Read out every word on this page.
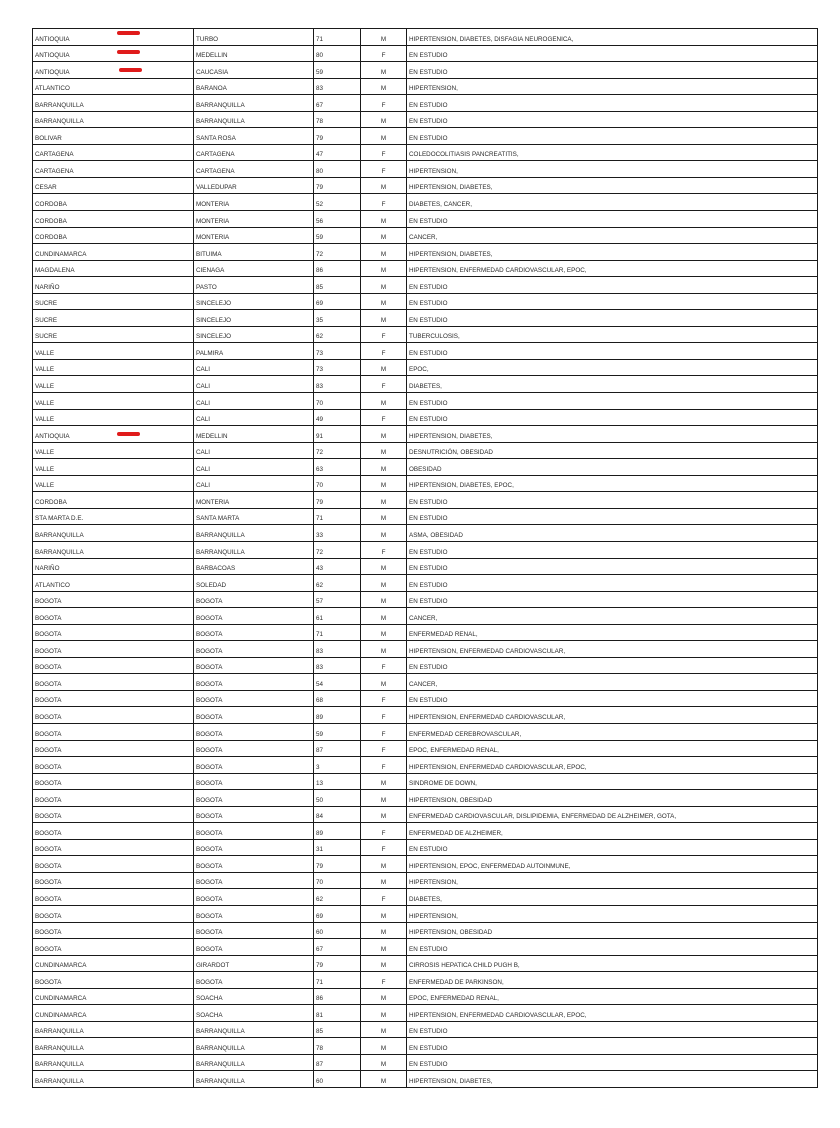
ANTIOQUIA	TURBO	71	M	HIPERTENSION, DIABETES, DISFAGIA NEUROGENICA,
ANTIOQUIA	MEDELLIN	80	F	EN ESTUDIO
ANTIOQUIA	CAUCASIA	59	M	EN ESTUDIO
ATLANTICO	BARANOA	83	M	HIPERTENSION,
BARRANQUILLA	BARRANQUILLA	67	F	EN ESTUDIO
BARRANQUILLA	BARRANQUILLA	78	M	EN ESTUDIO
BOLIVAR	SANTA ROSA	79	M	EN ESTUDIO
CARTAGENA	CARTAGENA	47	F	COLEDOCOLITIASIS PANCREATITIS,
CARTAGENA	CARTAGENA	80	F	HIPERTENSION,
CESAR	VALLEDUPAR	79	M	HIPERTENSION, DIABETES,
CORDOBA	MONTERIA	52	F	DIABETES, CANCER,
CORDOBA	MONTERIA	56	M	EN ESTUDIO
CORDOBA	MONTERIA	59	M	CANCER,
CUNDINAMARCA	BITUIMA	72	M	HIPERTENSION, DIABETES,
MAGDALENA	CIENAGA	86	M	HIPERTENSION, ENFERMEDAD CARDIOVASCULAR, EPOC,
NARIÑO	PASTO	85	M	EN ESTUDIO
SUCRE	SINCELEJO	69	M	EN ESTUDIO
SUCRE	SINCELEJO	35	M	EN ESTUDIO
SUCRE	SINCELEJO	62	F	TUBERCULOSIS,
VALLE	PALMIRA	73	F	EN ESTUDIO
VALLE	CALI	73	M	EPOC,
VALLE	CALI	83	F	DIABETES,
VALLE	CALI	70	M	EN ESTUDIO
VALLE	CALI	49	F	EN ESTUDIO
ANTIOQUIA	MEDELLIN	91	M	HIPERTENSION, DIABETES,
VALLE	CALI	72	M	DESNUTRICIÓN, OBESIDAD
VALLE	CALI	63	M	OBESIDAD
VALLE	CALI	70	M	HIPERTENSION, DIABETES, EPOC,
CORDOBA	MONTERIA	79	M	EN ESTUDIO
STA MARTA D.E.	SANTA MARTA	71	M	EN ESTUDIO
BARRANQUILLA	BARRANQUILLA	33	M	ASMA, OBESIDAD
BARRANQUILLA	BARRANQUILLA	72	F	EN ESTUDIO
NARIÑO	BARBACOAS	43	M	EN ESTUDIO
ATLANTICO	SOLEDAD	62	M	EN ESTUDIO
BOGOTA	BOGOTA	57	M	EN ESTUDIO
BOGOTA	BOGOTA	61	M	CANCER,
BOGOTA	BOGOTA	71	M	ENFERMEDAD RENAL,
BOGOTA	BOGOTA	83	M	HIPERTENSION, ENFERMEDAD CARDIOVASCULAR,
BOGOTA	BOGOTA	83	F	EN ESTUDIO
BOGOTA	BOGOTA	54	M	CANCER,
BOGOTA	BOGOTA	68	F	EN ESTUDIO
BOGOTA	BOGOTA	89	F	HIPERTENSION, ENFERMEDAD CARDIOVASCULAR,
BOGOTA	BOGOTA	59	F	ENFERMEDAD CEREBROVASCULAR,
BOGOTA	BOGOTA	87	F	EPOC, ENFERMEDAD RENAL,
BOGOTA	BOGOTA	3	F	HIPERTENSION, ENFERMEDAD CARDIOVASCULAR, EPOC,
BOGOTA	BOGOTA	13	M	SINDROME DE DOWN,
BOGOTA	BOGOTA	50	M	HIPERTENSION, OBESIDAD
BOGOTA	BOGOTA	84	M	ENFERMEDAD CARDIOVASCULAR, DISLIPIDEMIA, ENFERMEDAD DE ALZHEIMER, GOTA,
BOGOTA	BOGOTA	89	F	ENFERMEDAD DE ALZHEIMER,
BOGOTA	BOGOTA	31	F	EN ESTUDIO
BOGOTA	BOGOTA	79	M	HIPERTENSION, EPOC, ENFERMEDAD AUTOINMUNE,
BOGOTA	BOGOTA	70	M	HIPERTENSION,
BOGOTA	BOGOTA	62	F	DIABETES,
BOGOTA	BOGOTA	69	M	HIPERTENSION,
BOGOTA	BOGOTA	60	M	HIPERTENSION, OBESIDAD
BOGOTA	BOGOTA	67	M	EN ESTUDIO
CUNDINAMARCA	GIRARDOT	79	M	CIRROSIS HEPATICA CHILD PUGH B,
BOGOTA	BOGOTA	71	F	ENFERMEDAD DE PARKINSON,
CUNDINAMARCA	SOACHA	86	M	EPOC, ENFERMEDAD RENAL,
CUNDINAMARCA	SOACHA	81	M	HIPERTENSION, ENFERMEDAD CARDIOVASCULAR, EPOC,
BARRANQUILLA	BARRANQUILLA	85	M	EN ESTUDIO
BARRANQUILLA	BARRANQUILLA	78	M	EN ESTUDIO
BARRANQUILLA	BARRANQUILLA	87	M	EN ESTUDIO
BARRANQUILLA	BARRANQUILLA	60	M	HIPERTENSION, DIABETES,
